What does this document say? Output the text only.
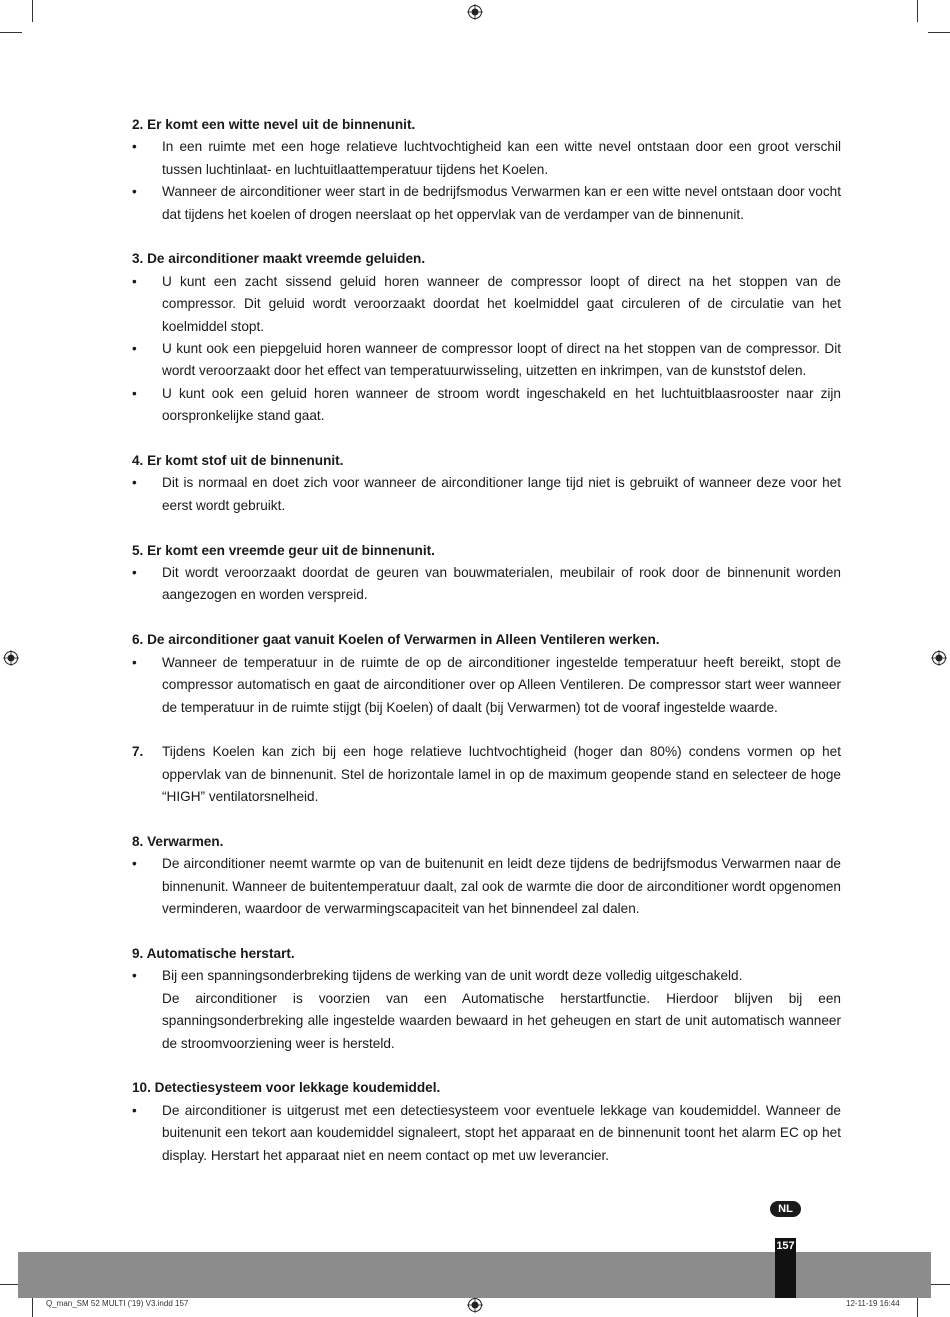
2. Er komt een witte nevel uit de binnenunit.

• In een ruimte met een hoge relatieve luchtvochtigheid kan een witte nevel ontstaan door een groot verschil tussen luchtinlaat- en luchtuitlaattemperatuur tijdens het Koelen.

• Wanneer de airconditioner weer start in de bedrijfsmodus Verwarmen kan er een witte nevel ontstaan door vocht dat tijdens het koelen of drogen neerslaat op het oppervlak van de verdamper van de binnenunit.

3. De airconditioner maakt vreemde geluiden.

• U kunt een zacht sissend geluid horen wanneer de compressor loopt of direct na het stoppen van de compressor. Dit geluid wordt veroorzaakt doordat het koelmiddel gaat circuleren of de circulatie van het koelmiddel stopt.

• U kunt ook een piepgeluid horen wanneer de compressor loopt of direct na het stoppen van de compressor. Dit wordt veroorzaakt door het effect van temperatuurwisseling, uitzetten en inkrimpen, van de kunststof delen.

• U kunt ook een geluid horen wanneer de stroom wordt ingeschakeld en het luchtuitblaasrooster naar zijn oorspronkelijke stand gaat.

4. Er komt stof uit de binnenunit.

• Dit is normaal en doet zich voor wanneer de airconditioner lange tijd niet is gebruikt of wanneer deze voor het eerst wordt gebruikt.

5. Er komt een vreemde geur uit de binnenunit.

• Dit wordt veroorzaakt doordat de geuren van bouwmaterialen, meubilair of rook door de binnenunit worden aangezogen en worden verspreid.

6. De airconditioner gaat vanuit Koelen of Verwarmen in Alleen Ventileren werken.

• Wanneer de temperatuur in de ruimte de op de airconditioner ingestelde temperatuur heeft bereikt, stopt de compressor automatisch en gaat de airconditioner over op Alleen Ventileren. De compressor start weer wanneer de temperatuur in de ruimte stijgt (bij Koelen) of daalt (bij Verwarmen) tot de vooraf ingestelde waarde.

7. Tijdens Koelen kan zich bij een hoge relatieve luchtvochtigheid (hoger dan 80%) condens vormen op het oppervlak van de binnenunit. Stel de horizontale lamel in op de maximum geopende stand en selecteer de hoge “HIGH” ventilatorsnelheid.

8. Verwarmen.

• De airconditioner neemt warmte op van de buitenunit en leidt deze tijdens de bedrijfsmodus Verwarmen naar de binnenunit. Wanneer de buitentemperatuur daalt, zal ook de warmte die door de airconditioner wordt opgenomen verminderen, waardoor de verwarmingscapaciteit van het binnendeel zal dalen.

9. Automatische herstart.

• Bij een spanningsonderbreking tijdens de werking van de unit wordt deze volledig uitgeschakeld.

De airconditioner is voorzien van een Automatische herstartfunctie. Hierdoor blijven bij een spanningsonderbreking alle ingestelde waarden bewaard in het geheugen en start de unit automatisch wanneer de stroomvoorziening weer is hersteld.

10. Detectiesysteem voor lekkage koudemiddel.

• De airconditioner is uitgerust met een detectiesysteem voor eventuele lekkage van koudemiddel. Wanneer de buitenunit een tekort aan koudemiddel signaleert, stopt het apparaat en de binnenunit toont het alarm EC op het display. Herstart het apparaat niet en neem contact op met uw leverancier.

NL
157
Q_man_SM 52 MULTI ('19) V3.indd 157	12-11-19 16:44
